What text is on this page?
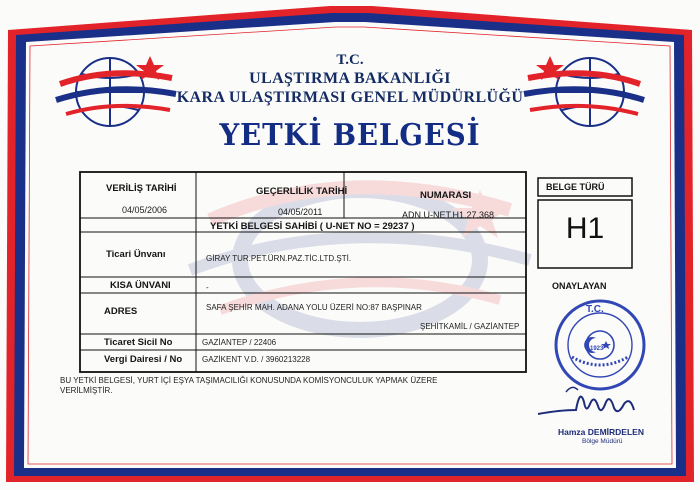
T.C.
ULAŞTIRMA BAKANLIĞI
KARA ULAŞTIRMASI GENEL MÜDÜRLÜĞÜ
YETKİ BELGESİ
VERİLİŞ TARİHİ	GEÇERLİLİK TARİHİ	NUMARASI
04/05/2006	04/05/2011	ADN.U-NET.H1.27.368
YETKİ BELGESİ SAHİBİ ( U-NET NO = 29237 )
Ticari Ünvanı	GİRAY TUR.PET.ÜRN.PAZ.TİC.LTD.ŞTİ.
KISA ÜNVANI	-
ADRES	SAFA ŞEHİR MAH. ADANA YOLU ÜZERİ NO:87 BAŞPINAR
ŞEHİTKAMİL / GAZİANTEP
Ticaret Sicil No	GAZİANTEP / 22406
Vergi Dairesi / No GAZİKENT V.D. / 3960213228
BELGE TÜRÜ
H1
ONAYLAYAN
T.C.
1923
Hamza DEMİRDELEN
Bölge Müdürü
BU YETKİ BELGESİ, YURT İÇİ EŞYA TAŞIMACILIĞI KONUSUNDA KOMİSYONCULUK YAPMAK ÜZERE VERİLMİŞTİR.
